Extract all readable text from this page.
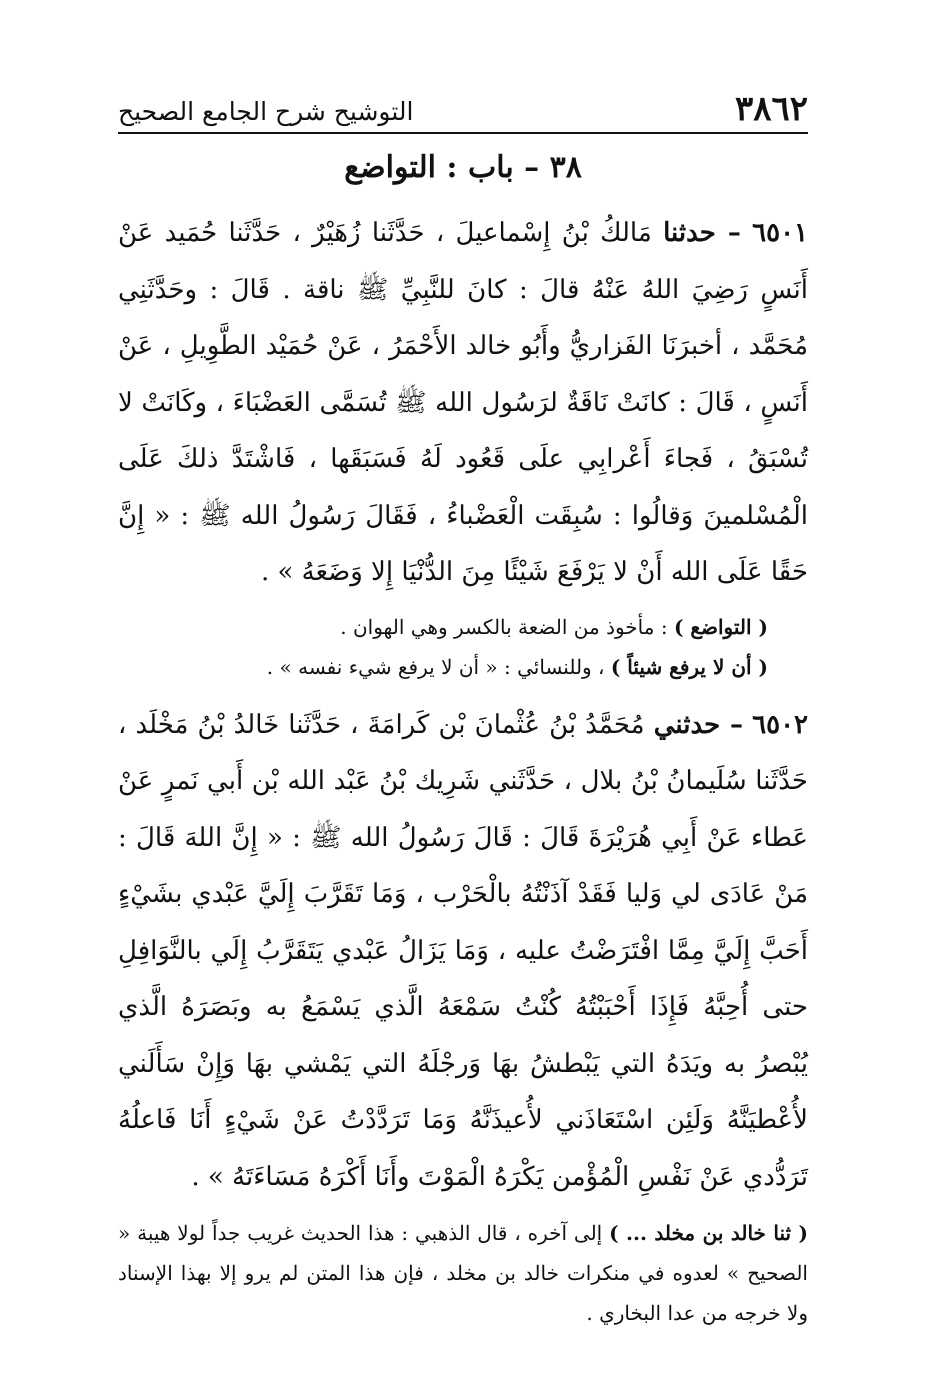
٣٨٦٢
التوشيح شرح الجامع الصحيح
٣٨ – باب : التواضع

٦٥٠١ – حدثنا مَالكُ بْنُ إِسْماعيلَ ، حَدَّثَنا زُهَيْرٌ ، حَدَّثَنا حُمَيد عَنْ أَنَسٍ رَضِيَ اللهُ عَنْهُ قالَ : كانَ للنَّبِيِّ ﷺ ناقة . قَالَ : وحَدَّثَنِي مُحَمَّد ، أخبرَنَا الفَزاريُّ وأَبُو خالد الأَحْمَرُ ، عَنْ حُمَيْد الطَّوِيلِ ، عَنْ أَنَسٍ ، قَالَ : كانَتْ نَاقَةٌ لرَسُول الله ﷺ تُسَمَّى العَضْبَاءَ ، وكَانَتْ لا تُسْبَقُ ، فَجاءَ أَعْرابِي علَى قَعُود لَهُ فَسَبَقَها ، فَاشْتَدَّ ذلكَ عَلَى الْمُسْلمينَ وَقالُوا : سُبِقَت الْعَضْباءُ ، فَقَالَ رَسُولُ الله ﷺ : « إِنَّ حَقًا عَلَى الله أَنْ لا يَرْفَعَ شَيْئًا مِنَ الدُّنْيَا إِلا وَضَعَهُ » .

( التواضع ) : مأخوذ من الضعة بالكسر وهي الهوان .

( أن لا يرفع شيئاً ) ، وللنسائي : « أن لا يرفع شيء نفسه » .

٦٥٠٢ – حدثني مُحَمَّدُ بْنُ عُثْمانَ بْن كَرامَةَ ، حَدَّثَنا خَالدُ بْنُ مَخْلَد ، حَدَّثَنا سُلَيمانُ بْنُ بلال ، حَدَّثَني شَرِيك بْنُ عَبْد الله بْن أَبي نَمرٍ عَنْ عَطاء عَنْ أَبِي هُرَيْرَةَ قَالَ : قَالَ رَسُولُ الله ﷺ : « إِنَّ اللهَ قَالَ : مَنْ عَادَى لي وَليا فَقَدْ آذَنْتُهُ بالْحَرْب ، وَمَا تَقَرَّبَ إِلَيَّ عَبْدي بشَيْءٍ أَحَبَّ إِلَيَّ مِمَّا افْتَرَضْتُ عليه ، وَمَا يَزَالُ عَبْدي يَتَقَرَّبُ إِلَي بالنَّوَافِلِ حتى أُحِبَّهُ فَإِذَا أَحْبَبْتُهُ كُنْتُ سَمْعَهُ الَّذي يَسْمَعُ به وبَصَرَهُ الَّذي يُبْصرُ به ويَدَهُ التي يَبْطشُ بهَا وَرجْلَهُ التي يَمْشي بهَا وَإِنْ سَأَلَني لأُعْطيَنَّهُ وَلَئِن اسْتَعَاذَني لأُعيذَنَّهُ وَمَا تَرَدَّدْتُ عَنْ شَيْءٍ أَنَا فَاعلُهُ تَرَدُّدي عَنْ نَفْسِ الْمُؤْمن يَكْرَهُ الْمَوْتَ وأَنَا أَكْرَهُ مَسَاءَتَهُ » .

( ثنا خالد بن مخلد ... ) إلى آخره ، قال الذهبي : هذا الحديث غريب جداً لولا هيبة « الصحيح » لعدوه في منكرات خالد بن مخلد ، فإن هذا المتن لم يرو إلا بهذا الإسناد ولا خرجه من عدا البخاري .
